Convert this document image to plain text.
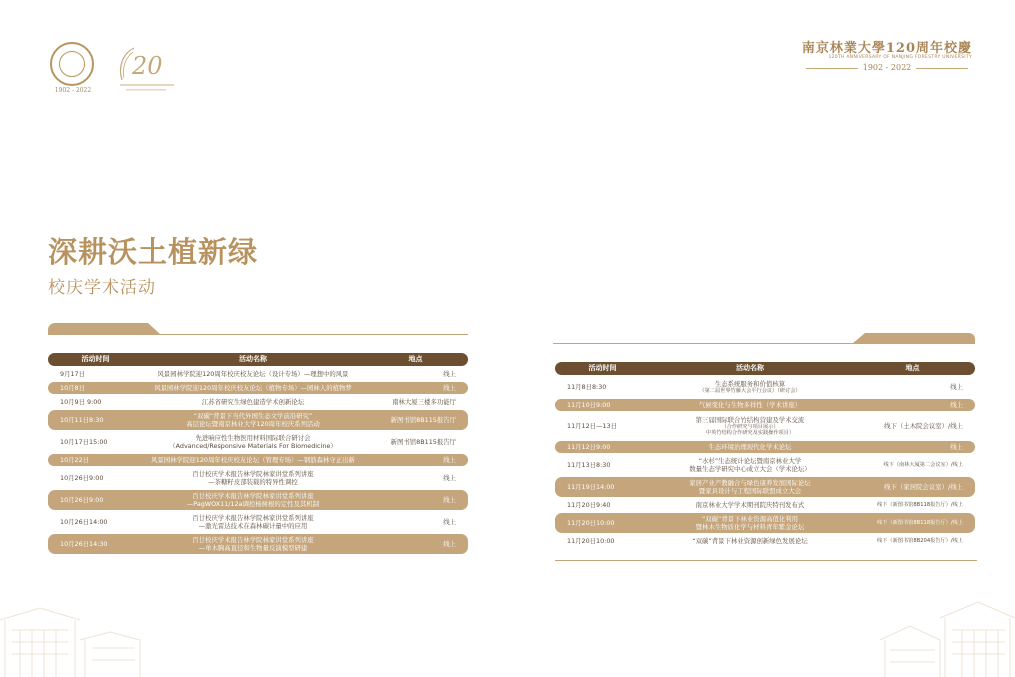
1902 - 2022
20
南京林業大學120周年校慶
120TH ANNIVERSARY OF NANJING FORESTRY UNIVERSITY
1902 - 2022
深耕沃土植新绿
校庆学术活动
活动时间	活动名称	地点
9月17日	风景园林学院迎120周年校庆校友论坛（设计专场）—理想中的风景	线上
10月8日	风景园林学院迎120周年校庆校友论坛（植物专场）—园林人的植物梦	线上
10月9日 9:00	江苏省研究生绿色建造学术创新论坛	南林大厦三楼多功能厅
10月11日8:30	“双碳”背景下当代外国生态文学前沿研究”
高层论坛暨南京林业大学120周年校庆系列活动	新图书馆8B115报告厅
10月17日15:00	先进响应性生物医用材料国际联合研讨会
（Advanced/Responsive Materials For Biomedicine）	新图书馆8B115报告厅
10月22日	风景园林学院迎120周年校庆校友论坛（管理专场）—钢筋森林守正出新	线上
10月26日9:00	百廿校庆学术报告林学院林家讲堂系列讲座
—茶糖籽皮部装载的特异性调控	线上
10月26日9:00	百廿校庆学术报告林学院林家讲堂系列讲座
—PagWOX11/12a调控杨树根的定性及其机制	线上
10月26日14:00	百廿校庆学术报告林学院林家讲堂系列讲座
—激光雷达技术在森林碳计量中的应用	线上
10月26日14:30	百廿校庆学术报告林学院林家讲堂系列讲座
—单木胸高直径和生物量反演模型研建	线上
活动时间	活动名称	地点
11月8日8:30	生态系统服务和价值核算
（第二届世界竹藤大会平行会议）（研讨会）	线上
11月10日9:00	气候变化与生物多样性（学术讲座）	线上
11月12日—13日	第三届国际联合竹结构营建及学术交流
（合作研究与项目展示）
中英竹结构合作研究及实践操作项目）	线下（土木院会议室）/线上
11月12日9:00	生态环境治理现代化学术论坛	线上
11月13日8:30	“水杉”生态统计论坛暨南京林业大学
数量生态学研究中心成立大会（学术论坛）	线下（南林大厦第二会议室）/线上
11月19日14:00	家居产业产教融合与绿色康养发展国际论坛
暨家具设计与工程国际联盟成立大会	线下（家居院会议室）/线上
11月20日9:40	南京林业大学学术期刊院庆特刊发布式	线下（新图书馆8B118报告厅）/线上
11月20日10:00	“双碳”背景下林业资源高值化利用
暨林木生物质化学与材料青年紫金论坛	线下（新图书馆8B118报告厅）/线上
11月20日10:00	“双碳”背景下林业资源创新绿色发展论坛	线下（新图书馆8B204报告厅）/线上
